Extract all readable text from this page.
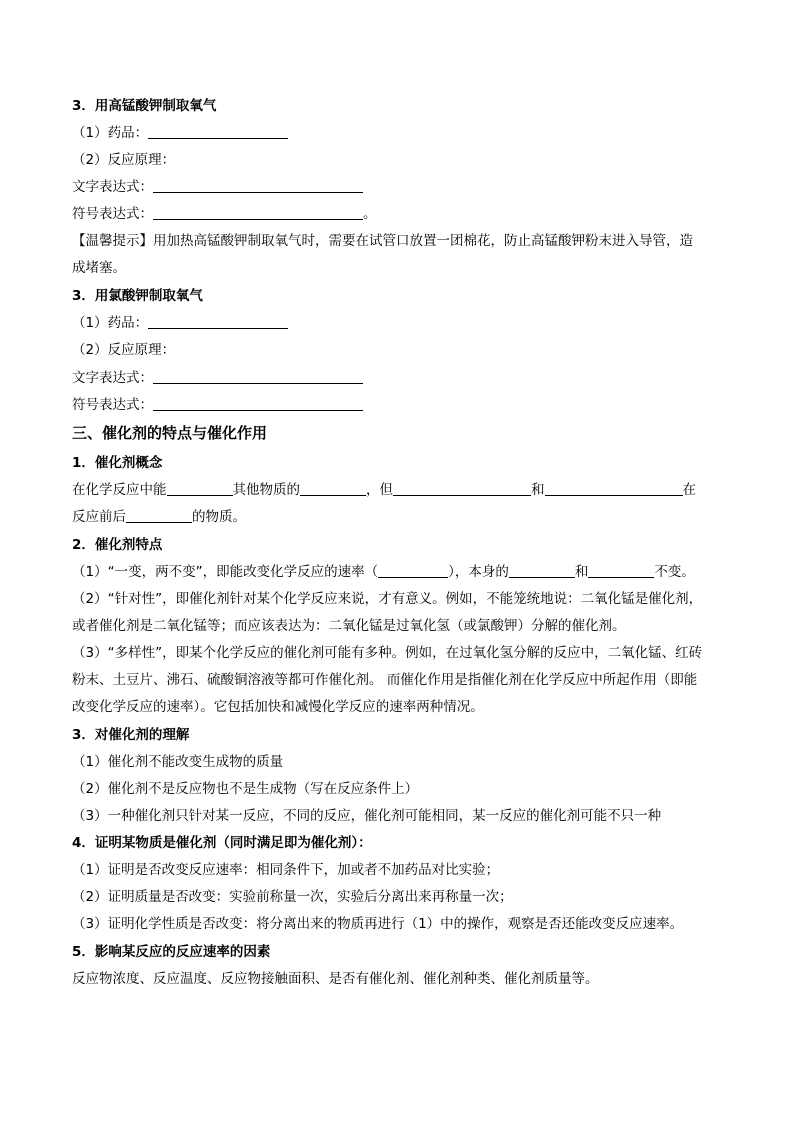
3．用高锰酸钾制取氧气
（1）药品：
（2）反应原理：
文字表达式：
符号表达式：	。
【温馨提示】用加热高锰酸钾制取氧气时，需要在试管口放置一团棉花，防止高锰酸钾粉末进入导管，造
成堵塞。
3．用氯酸钾制取氧气
（1）药品：
（2）反应原理：
文字表达式：
符号表达式：
三、催化剂的特点与催化作用
1．催化剂概念
在化学反应中能	其他物质的	，但	和	在
反应前后	的物质。
2．催化剂特点
（1）“一变，两不变”，即能改变化学反应的速率（	），本身的	和	不变。
（2）“针对性”，即催化剂针对某个化学反应来说，才有意义。例如，不能笼统地说：二氧化锰是催化剂，
或者催化剂是二氧化锰等；而应该表达为：二氧化锰是过氧化氢（或氯酸钾）分解的催化剂。
（3）“多样性”，即某个化学反应的催化剂可能有多种。例如，在过氧化氢分解的反应中，二氧化锰、红砖
粉末、土豆片、沸石、硫酸铜溶液等都可作催化剂。 而催化作用是指催化剂在化学反应中所起作用（即能
改变化学反应的速率）。它包括加快和减慢化学反应的速率两种情况。
3．对催化剂的理解
（1）催化剂不能改变生成物的质量
（2）催化剂不是反应物也不是生成物（写在反应条件上）
（3）一种催化剂只针对某一反应，不同的反应，催化剂可能相同，某一反应的催化剂可能不只一种
4．证明某物质是催化剂（同时满足即为催化剂）：
（1）证明是否改变反应速率：相同条件下，加或者不加药品对比实验；
（2）证明质量是否改变：实验前称量一次，实验后分离出来再称量一次；
（3）证明化学性质是否改变：将分离出来的物质再进行（1）中的操作，观察是否还能改变反应速率。
5．影响某反应的反应速率的因素
反应物浓度、反应温度、反应物接触面积、是否有催化剂、催化剂种类、催化剂质量等。
